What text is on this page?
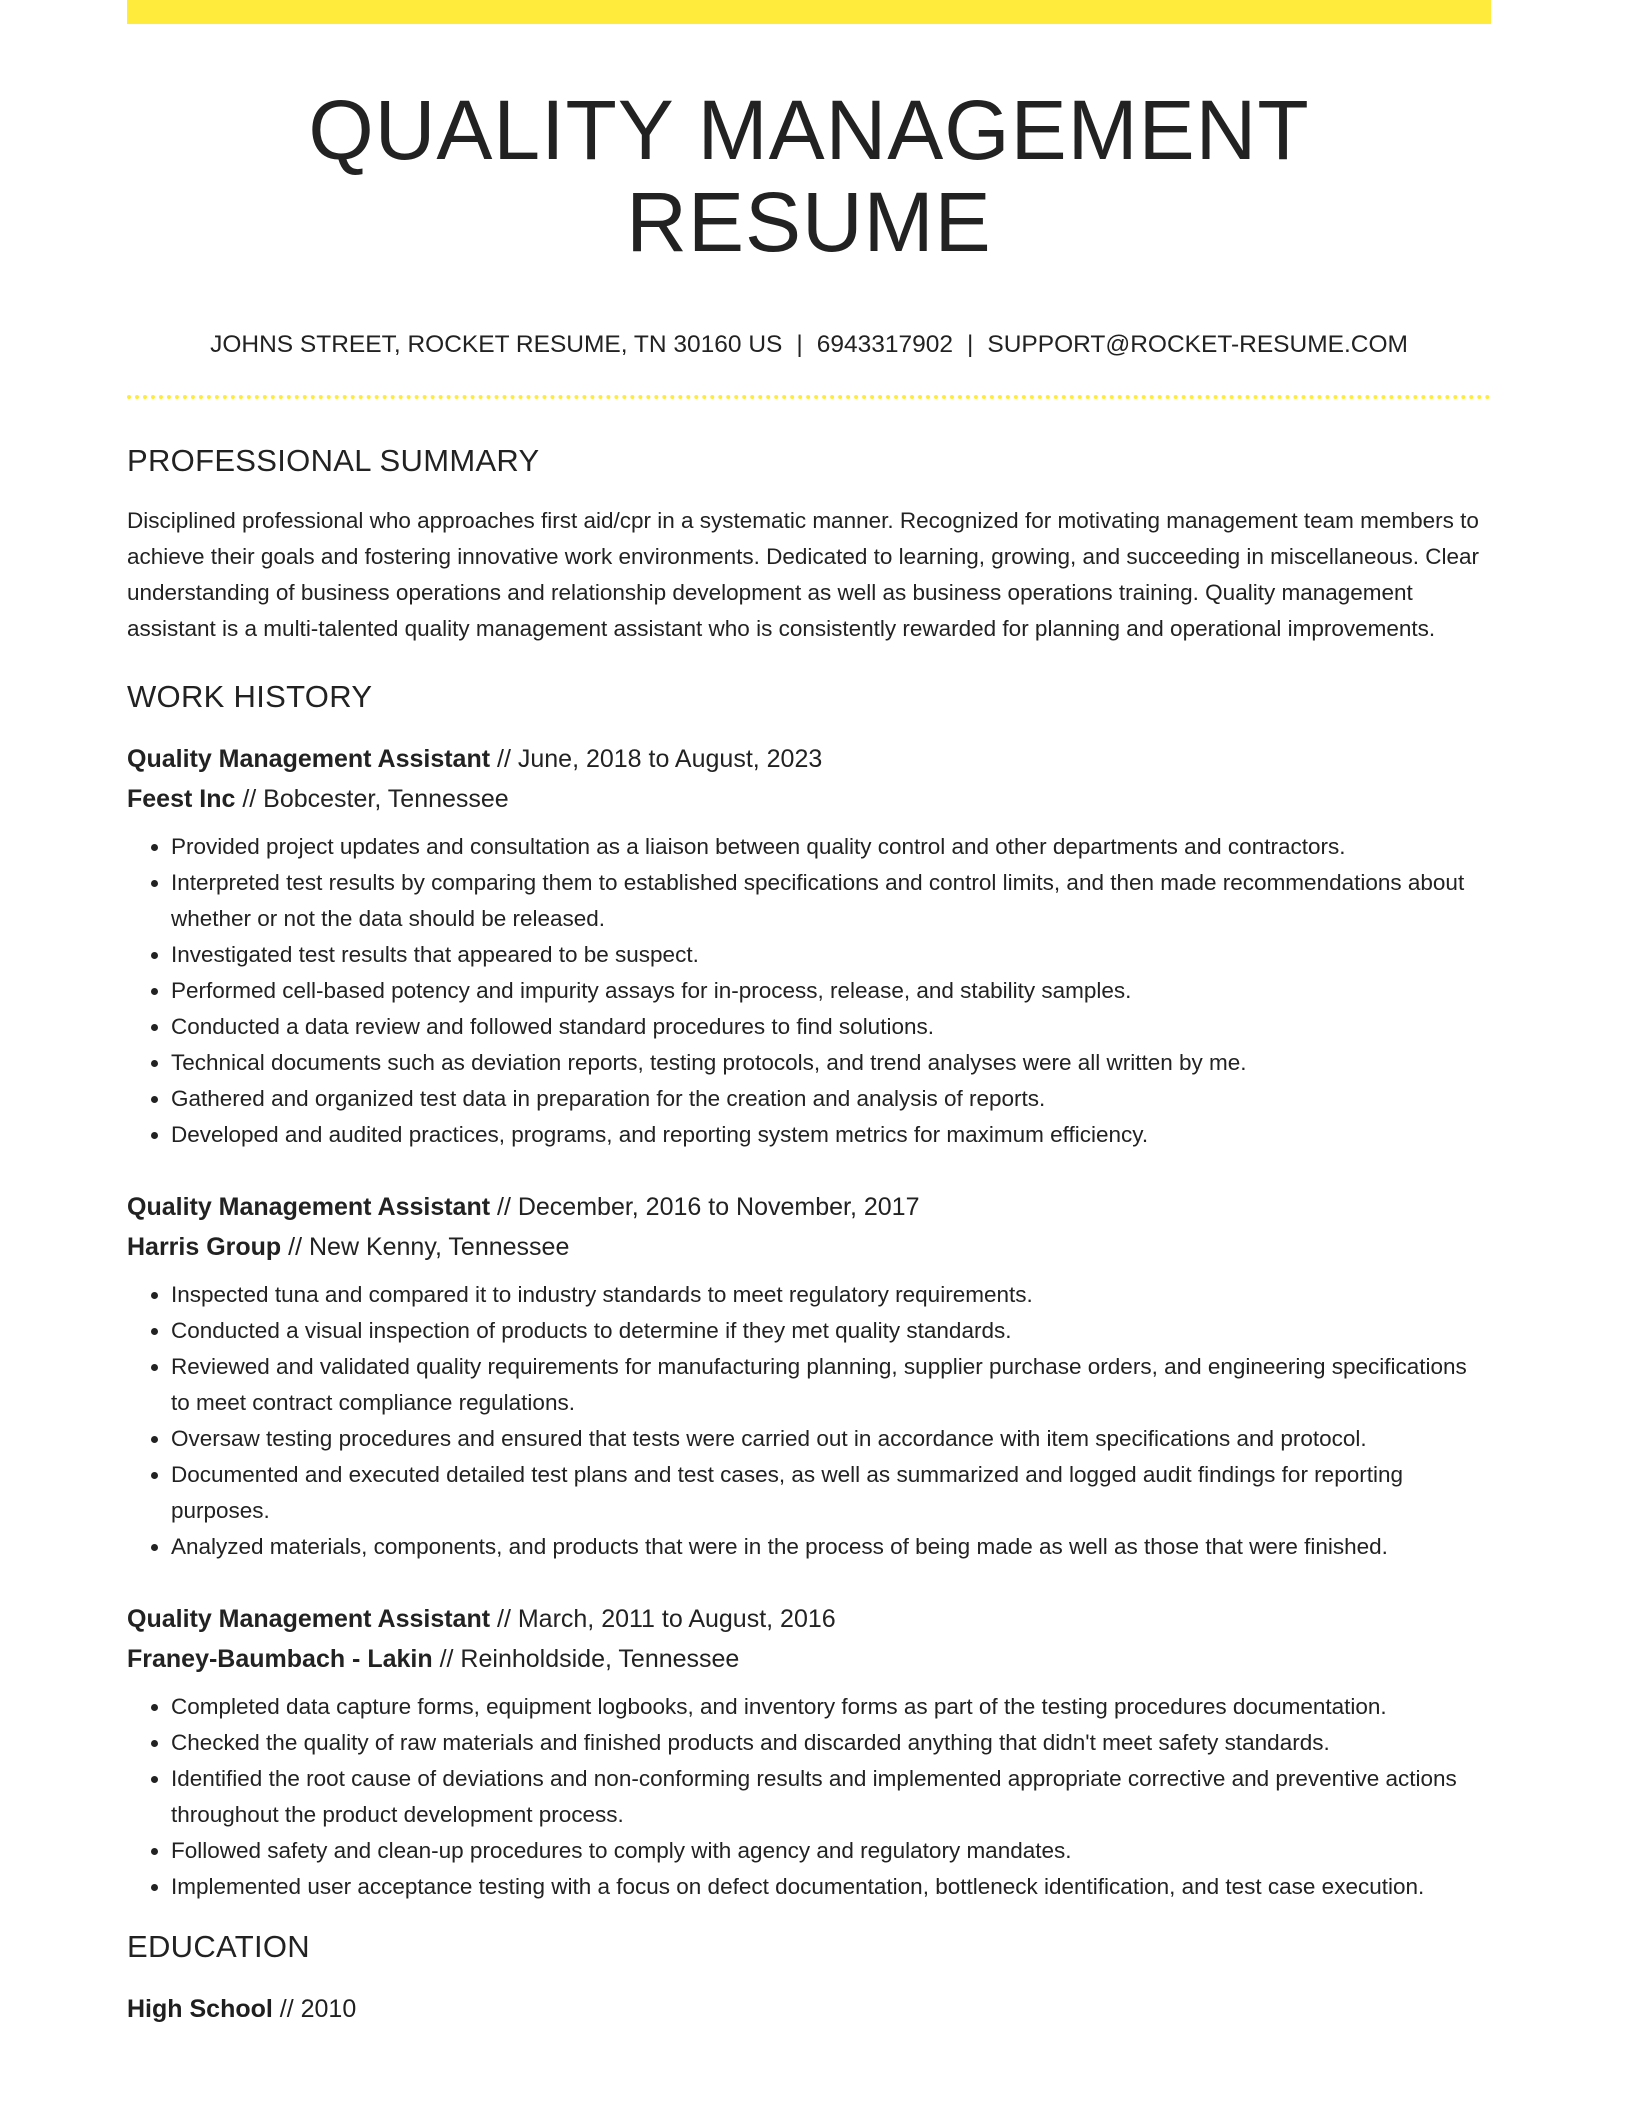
QUALITY MANAGEMENT RESUME
JOHNS STREET, ROCKET RESUME, TN 30160 US | 6943317902 | SUPPORT@ROCKET-RESUME.COM
PROFESSIONAL SUMMARY

Disciplined professional who approaches first aid/cpr in a systematic manner. Recognized for motivating management team members to achieve their goals and fostering innovative work environments. Dedicated to learning, growing, and succeeding in miscellaneous. Clear understanding of business operations and relationship development as well as business operations training. Quality management assistant is a multi-talented quality management assistant who is consistently rewarded for planning and operational improvements.

WORK HISTORY
Quality Management Assistant // June, 2018 to August, 2023
Feest Inc // Bobcester, Tennessee
• Provided project updates and consultation as a liaison between quality control and other departments and contractors.
• Interpreted test results by comparing them to established specifications and control limits, and then made recommendations about whether or not the data should be released.
• Investigated test results that appeared to be suspect.
• Performed cell-based potency and impurity assays for in-process, release, and stability samples.
• Conducted a data review and followed standard procedures to find solutions.
• Technical documents such as deviation reports, testing protocols, and trend analyses were all written by me.
• Gathered and organized test data in preparation for the creation and analysis of reports.
• Developed and audited practices, programs, and reporting system metrics for maximum efficiency.
Quality Management Assistant // December, 2016 to November, 2017
Harris Group // New Kenny, Tennessee
• Inspected tuna and compared it to industry standards to meet regulatory requirements.
• Conducted a visual inspection of products to determine if they met quality standards.
• Reviewed and validated quality requirements for manufacturing planning, supplier purchase orders, and engineering specifications to meet contract compliance regulations.
• Oversaw testing procedures and ensured that tests were carried out in accordance with item specifications and protocol.
• Documented and executed detailed test plans and test cases, as well as summarized and logged audit findings for reporting purposes.
• Analyzed materials, components, and products that were in the process of being made as well as those that were finished.
Quality Management Assistant // March, 2011 to August, 2016
Franey-Baumbach - Lakin // Reinholdside, Tennessee
• Completed data capture forms, equipment logbooks, and inventory forms as part of the testing procedures documentation.
• Checked the quality of raw materials and finished products and discarded anything that didn't meet safety standards.
• Identified the root cause of deviations and non-conforming results and implemented appropriate corrective and preventive actions throughout the product development process.
• Followed safety and clean-up procedures to comply with agency and regulatory mandates.
• Implemented user acceptance testing with a focus on defect documentation, bottleneck identification, and test case execution.
EDUCATION
High School // 2010
